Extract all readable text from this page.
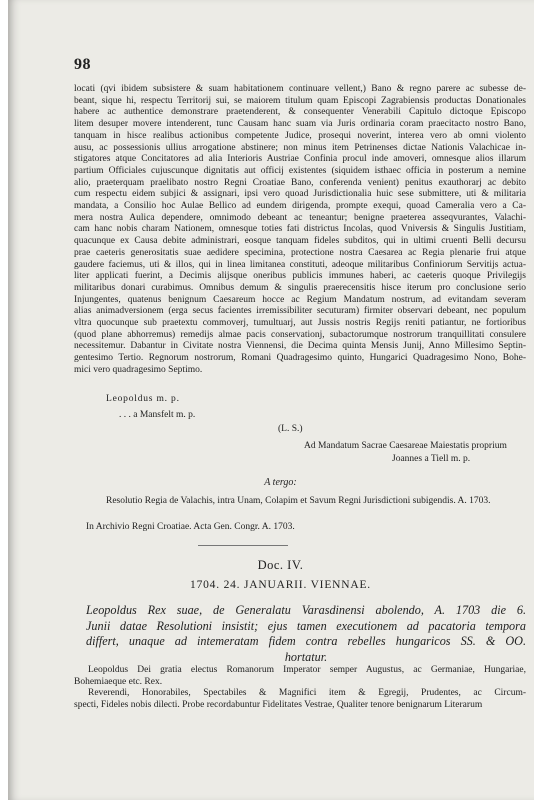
98
locati (qvi ibidem subsistere & suam habitationem continuare vellent,) Bano & regno parere ac subesse de-
beant, sique hi, respectu Territorij sui, se maiorem titulum quam Episcopi Zagrabiensis productas Donationales
habere ac authentice demonstrare praetenderent, & consequenter Venerabili Capitulo dictoque Episcopo
litem desuper movere intenderent, tunc Causam hanc suam via Juris ordinaria coram praecitacto nostro Bano,
tanquam in hisce realibus actionibus competente Judice, prosequi noverint, interea vero ab omni violento
ausu, ac possessionis ullius arrogatione abstinere; non minus item Petrinenses dictae Nationis Valachicae in-
stigatores atque Concitatores ad alia Interioris Austriae Confinia procul inde amoveri, omnesque alios illarum
partium Officiales cujuscunque dignitatis aut officij existentes (siquidem isthaec officia in posterum a nemine
alio, praeterquam praelibato nostro Regni Croatiae Bano, conferenda venient) penitus exauthorarj ac debito
cum respectu eidem subjici & assignari, ipsi vero quoad Jurisdictionalia huic sese submittere, uti & militaria
mandata, a Consilio hoc Aulae Bellico ad eundem dirigenda, prompte exequi, quoad Cameralia vero a Ca-
mera nostra Aulica dependere, omnimodo debeant ac teneantur; benigne praeterea asseqvurantes, Valachi-
cam hanc nobis charam Nationem, omnesque toties fati districtus Incolas, quod Vniversis & Singulis Justitiam,
quacunque ex Causa debite administrari, eosque tanquam fideles subditos, qui in ultimi cruenti Belli decursu
prae caeteris generositatis suae aedidere specimina, protectione nostra Caesarea ac Regia plenarie frui atque
gaudere faciemus, uti & illos, qui in linea limitanea constituti, adeoque militaribus Confiniorum Servitijs actua-
liter applicati fuerint, a Decimis alijsque oneribus publicis immunes haberi, ac caeteris quoque Privilegijs
militaribus donari curabimus. Omnibus demum & singulis praerecensitis hisce iterum pro conclusione serio
Injungentes, quatenus benignum Caesareum hocce ac Regium Mandatum nostrum, ad evitandam severam
alias animadversionem (erga secus facientes irremissibiliter secuturam) firmiter observari debeant, nec populum
vltra quocunque sub praetextu commoverj, tumultuarj, aut Jussis nostris Regijs reniti patiantur, ne fortioribus
(quod plane abhorremus) remedijs almae pacis conservationj, subactorumque nostrorum tranquillitati consulere
necessitemur. Dabantur in Civitate nostra Viennensi, die Decima quinta Mensis Junij, Anno Millesimo Septin-
gentesimo Tertio. Regnorum nostrorum, Romani Quadragesimo quinto, Hungarici Quadragesimo Nono, Bohe-
mici vero quadragesimo Septimo.
Leopoldus m. p.
. . . a Mansfelt m. p.
(L. S.)
Ad Mandatum Sacrae Caesareae Maiestatis proprium
Joannes a Tiell m. p.
A tergo:
Resolutio Regia de Valachis, intra Unam, Colapim et Savum Regni Jurisdictioni subigendis. A. 1703.
In Archivio Regni Croatiae. Acta Gen. Congr. A. 1703.
Doc. IV.
1704. 24. JANUARII. VIENNAE.
Leopoldus Rex suae, de Generalatu Varasdinensi abolendo, A. 1703 die 6.
Junii datae Resolutioni insistit; ejus tamen executionem ad pacatoria tempora
differt, unaque ad intemeratam fidem contra rebelles hungaricos SS. & OO.
hortatur.
Leopoldus Dei gratia electus Romanorum Imperator semper Augustus, ac Germaniae, Hungariae,
Bohemiaeque etc. Rex.
Reverendi, Honorabiles, Spectabiles & Magnifici item & Egregij, Prudentes, ac Circum-
specti, Fideles nobis dilecti. Probe recordabuntur Fidelitates Vestrae, Qualiter tenore benignarum Literarum
